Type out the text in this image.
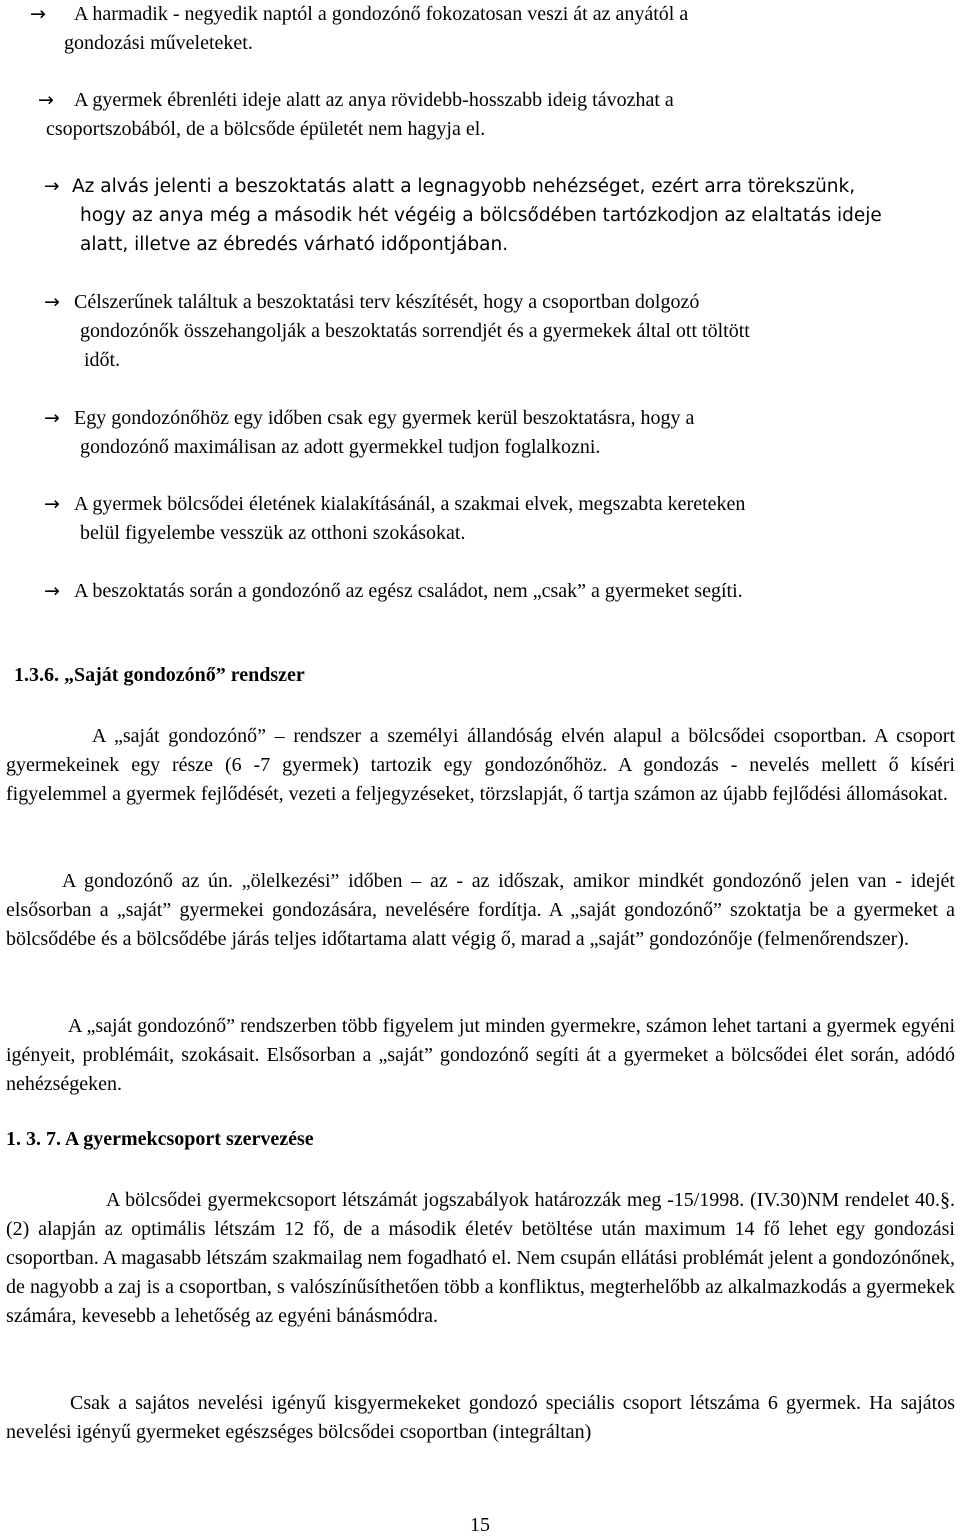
→ A harmadik - negyedik naptól a gondozónő fokozatosan veszi át az anyától a
gondozási műveleteket.
→ A gyermek ébrenléti ideje alatt az anya rövidebb-hosszabb ideig távozhat a
csoportszobából, de a bölcsőde épületét nem hagyja el.
→ Az alvás jelenti a beszoktatás alatt a legnagyobb nehézséget, ezért arra törekszünk,
hogy az anya még a második hét végéig a bölcsődében tartózkodjon az elaltatás ideje
alatt, illetve az ébredés várható időpontjában.
→ Célszerűnek találtuk a beszoktatási terv készítését, hogy a csoportban dolgozó
gondozónők összehangolják a beszoktatás sorrendjét és a gyermekek által ott töltött
időt.
→ Egy gondozónőhöz egy időben csak egy gyermek kerül beszoktatásra, hogy a
gondozónő maximálisan az adott gyermekkel tudjon foglalkozni.
→ A gyermek bölcsődei életének kialakításánál, a szakmai elvek, megszabta kereteken
belül figyelembe vesszük az otthoni szokásokat.
→ A beszoktatás során a gondozónő az egész családot, nem „csak” a gyermeket segíti.
1.3.6. „Saját gondozónő” rendszer
A „saját gondozónő” – rendszer a személyi állandóság elvén alapul a bölcsődei csoportban. A csoport gyermekeinek egy része (6 -7 gyermek) tartozik egy gondozónőhöz. A gondozás - nevelés mellett ő kíséri figyelemmel a gyermek fejlődését, vezeti a feljegyzéseket, törzslapját, ő tartja számon az újabb fejlődési állomásokat.
A gondozónő az ún. „ölelkezési” időben – az - az időszak, amikor mindkét gondozónő jelen van - idejét elsősorban a „saját” gyermekei gondozására, nevelésére fordítja. A „saját gondozónő” szoktatja be a gyermeket a bölcsődébe és a bölcsődébe járás teljes időtartama alatt végig ő, marad a „saját” gondozónője (felmenőrendszer).
A „saját gondozónő” rendszerben több figyelem jut minden gyermekre, számon lehet tartani a gyermek egyéni igényeit, problémáit, szokásait. Elsősorban a „saját” gondozónő segíti át a gyermeket a bölcsődei élet során, adódó nehézségeken.
1. 3. 7. A gyermekcsoport szervezése
A bölcsődei gyermekcsoport létszámát jogszabályok határozzák meg -15/1998. (IV.30)NM rendelet 40.§.(2) alapján az optimális létszám 12 fő, de a második életév betöltése után maximum 14 fő lehet egy gondozási csoportban. A magasabb létszám szakmailag nem fogadható el. Nem csupán ellátási problémát jelent a gondozónőnek, de nagyobb a zaj is a csoportban, s valószínűsíthetően több a konfliktus, megterhelőbb az alkalmazkodás a gyermekek számára, kevesebb a lehetőség az egyéni bánásmódra.
Csak a sajátos nevelési igényű kisgyermekeket gondozó speciális csoport létszáma 6 gyermek. Ha sajátos nevelési igényű gyermeket egészséges bölcsődei csoportban (integráltan)
15
